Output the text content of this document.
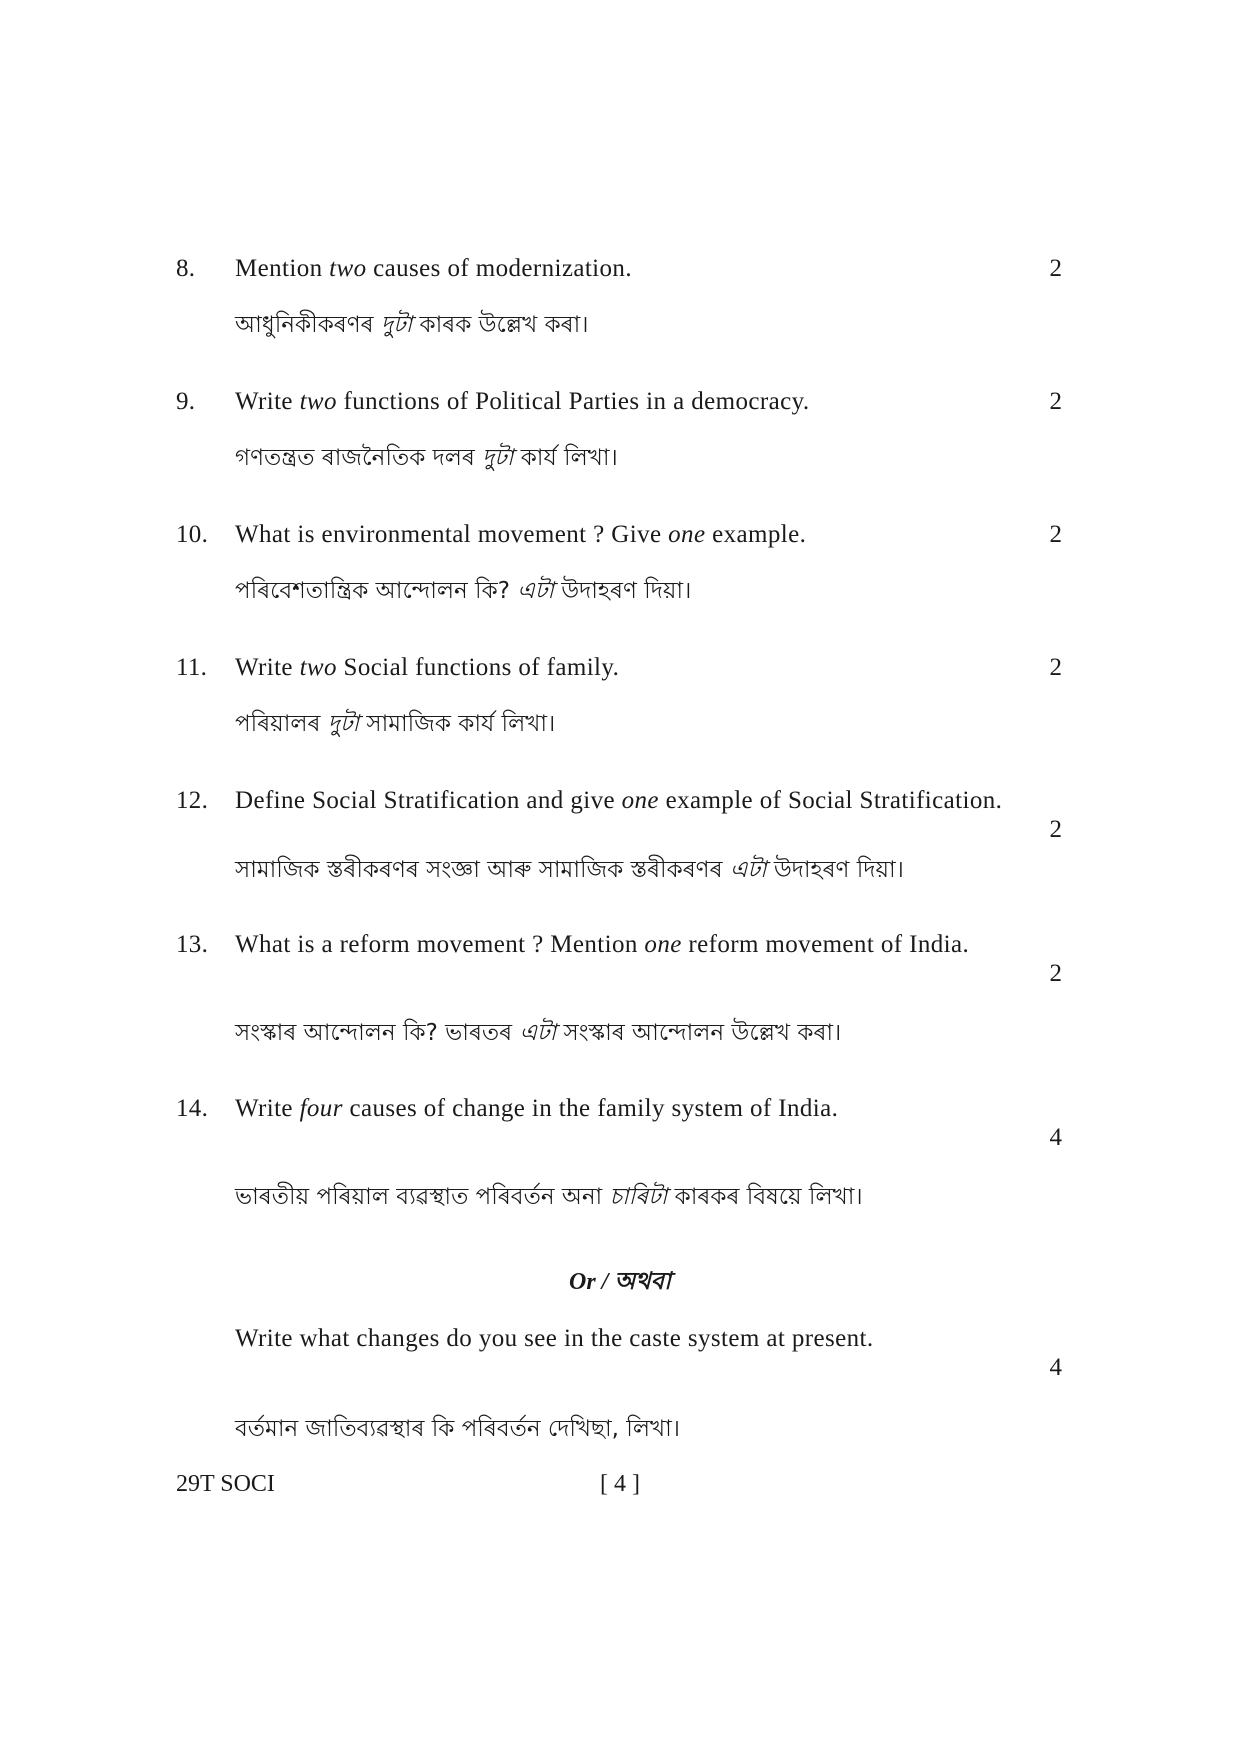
8. Mention two causes of modernization.	2
আধুনিকীকৰণৰ দুটা কাৰক উল্লেখ কৰা।
9. Write two functions of Political Parties in a democracy.	2
গণতন্ত্ৰত ৰাজনৈতিক দলৰ দুটা কাৰ্য লিখা।
10. What is environmental movement ? Give one example.	2
পৰিবেশতান্ত্ৰিক আন্দোলন কি? এটা উদাহৰণ দিয়া।
11. Write two Social functions of family.	2
পৰিয়ালৰ দুটা সামাজিক কাৰ্য লিখা।
12. Define Social Stratification and give one example of Social Stratification.
2
সামাজিক স্তৰীকৰণৰ সংজ্ঞা আৰু সামাজিক স্তৰীকৰণৰ এটা উদাহৰণ দিয়া।
13. What is a reform movement ? Mention one reform movement of India.
2
সংস্কাৰ আন্দোলন কি? ভাৰতৰ এটা সংস্কাৰ আন্দোলন উল্লেখ কৰা।
14. Write four causes of change in the family system of India.
4
ভাৰতীয় পৰিয়াল ব্যৱস্থাত পৰিবৰ্তন অনা চাৰিটা কাৰকৰ বিষয়ে লিখা।
Or / অথবা
Write what changes do you see in the caste system at present.
4
বৰ্তমান জাতিব্যৱস্থাৰ কি পৰিবৰ্তন দেখিছা, লিখা।
29T SOCI	[ 4 ]
